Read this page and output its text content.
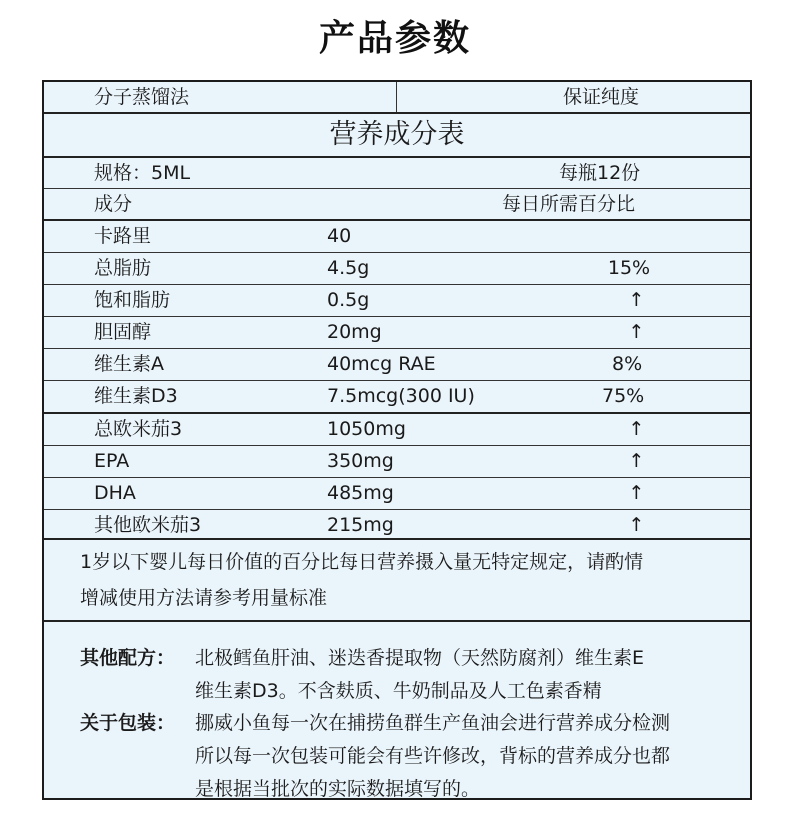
产品参数
分子蒸馏法	保证纯度
营养成分表
规格：5ML	每瓶12份
成分	每日所需百分比
卡路里	40
总脂肪	4.5g	15%
饱和脂肪	0.5g	↑
胆固醇	20mg	↑
维生素A	40mcg RAE	8%
维生素D3	7.5mcg(300 IU)	75%
总欧米茄3	1050mg	↑
EPA	350mg	↑
DHA	485mg	↑
其他欧米茄3	215mg	↑
1岁以下婴儿每日价值的百分比每日营养摄入量无特定规定，请酌情
增减使用方法请参考用量标准
其他配方： 北极鳕鱼肝油、迷迭香提取物（天然防腐剂）维生素E
维生素D3。不含麸质、牛奶制品及人工色素香精
关于包装： 挪威小鱼每一次在捕捞鱼群生产鱼油会进行营养成分检测
所以每一次包装可能会有些许修改，背标的营养成分也都
是根据当批次的实际数据填写的。
